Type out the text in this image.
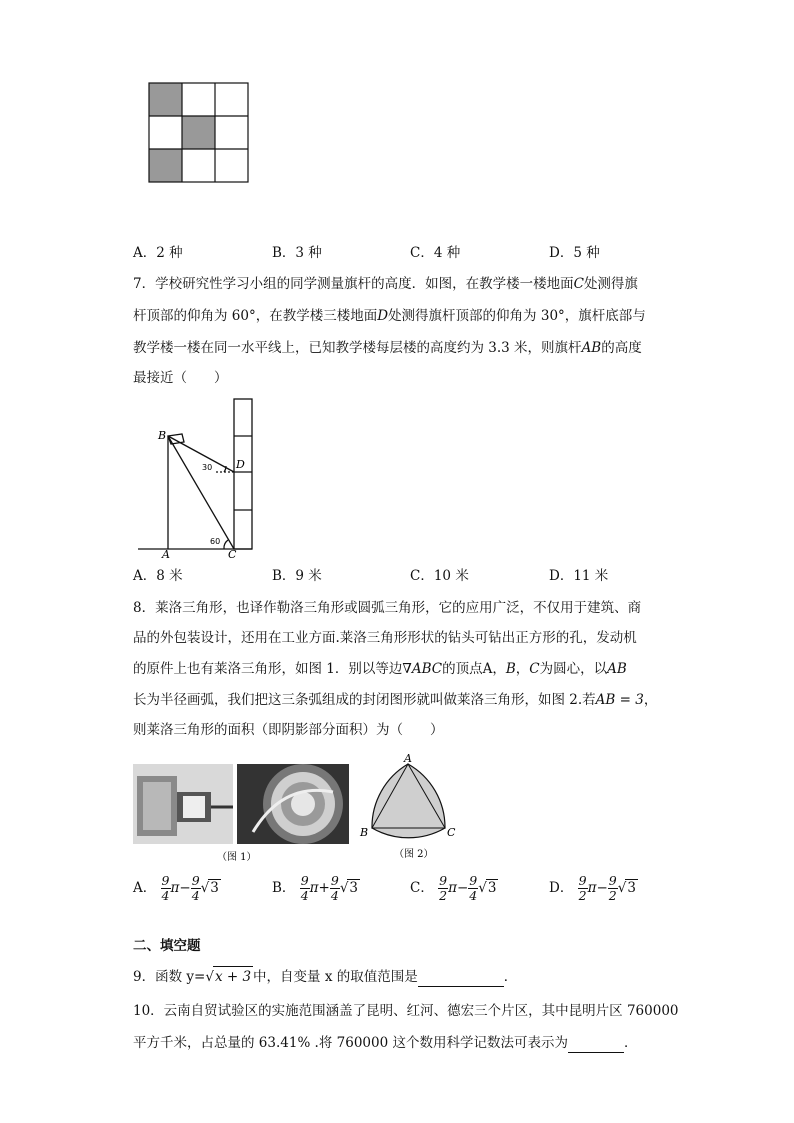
A．2 种	B．3 种	C．4 种	D．5 种
7．学校研究性学习小组的同学测量旗杆的高度．如图，在教学楼一楼地面C处测得旗
杆顶部的仰角为 60°，在教学楼三楼地面D处测得旗杆顶部的仰角为 30°，旗杆底部与
教学楼一楼在同一水平线上，已知教学楼每层楼的高度约为 3.3 米，则旗杆AB的高度
最接近（　　）
B
D
A	C
30
60
A．8 米	B．9 米	C．10 米	D．11 米
8．莱洛三角形，也译作勒洛三角形或圆弧三角形，它的应用广泛，不仅用于建筑、商
品的外包装设计，还用在工业方面.莱洛三角形形状的钻头可钻出正方形的孔，发动机
的原件上也有莱洛三角形，如图 1．别以等边∇ABC的顶点A，B，C为圆心，以AB
长为半径画弧，我们把这三条弧组成的封闭图形就叫做莱洛三角形，如图 2.若AB = 3，
则莱洛三角形的面积（即阴影部分面积）为（　　）
（图 1）
A
B	C
（图 2）
A． $\frac{9}{4} \pi- \frac{9}{4} √3$	B． $\frac{9}{4} \pi+ \frac{9}{4} √3$	C． $\frac{9}{2} \pi- \frac{9}{4} √3$	D． $\frac{9}{2} \pi- \frac{9}{2} √3$
二、填空题
9．函数 y=√x + 3 中，自变量 x 的取值范围是	．
10．云南自贸试验区的实施范围涵盖了昆明、红河、德宏三个片区，其中昆明片区 760000
平方千米，占总量的 63.41% .将 760000 这个数用科学记数法可表示为	．
